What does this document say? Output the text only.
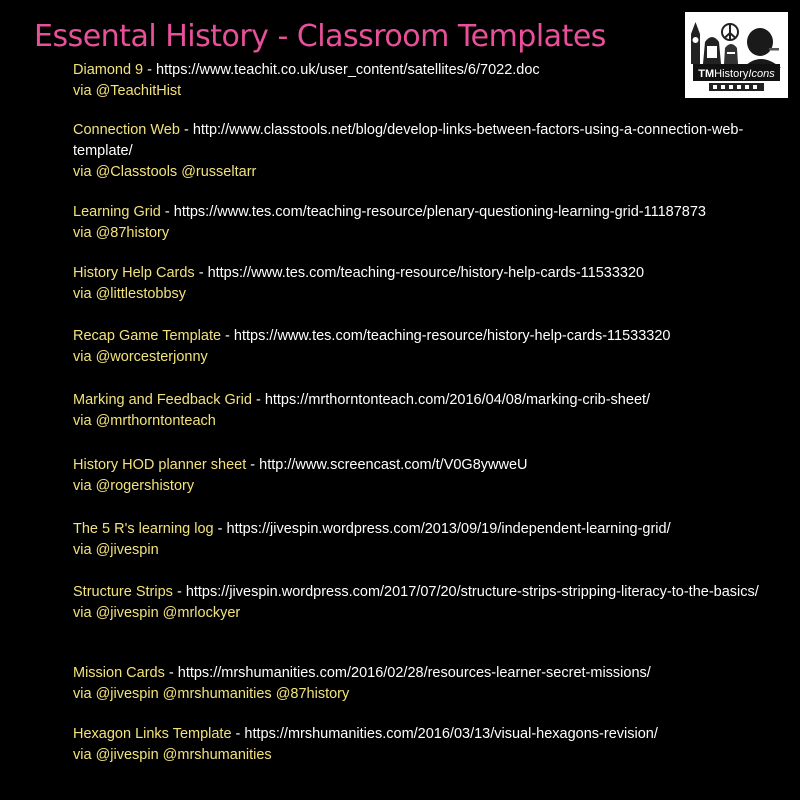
Essental History - Classroom Templates
TMHistoryIcons
Diamond 9 - https://www.teachit.co.uk/user_content/satellites/6/7022.doc
via @TeachitHist
Connection Web - http://www.classtools.net/blog/develop-links-between-factors-using-a-connection-web-template/
via @Classtools @russeltarr
Learning Grid - https://www.tes.com/teaching-resource/plenary-questioning-learning-grid-11187873
via @87history
History Help Cards - https://www.tes.com/teaching-resource/history-help-cards-11533320
via @littlestobbsy
Recap Game Template - https://www.tes.com/teaching-resource/history-help-cards-11533320
via @worcesterjonny
Marking and Feedback Grid - https://mrthorntonteach.com/2016/04/08/marking-crib-sheet/
via @mrthorntonteach
History HOD planner sheet - http://www.screencast.com/t/V0G8ywweU
via @rogershistory
The 5 R's learning log - https://jivespin.wordpress.com/2013/09/19/independent-learning-grid/
via @jivespin
Structure Strips - https://jivespin.wordpress.com/2017/07/20/structure-strips-stripping-literacy-to-the-basics/
via @jivespin @mrlockyer
Mission Cards - https://mrshumanities.com/2016/02/28/resources-learner-secret-missions/
via @jivespin @mrshumanities @87history
Hexagon Links Template - https://mrshumanities.com/2016/03/13/visual-hexagons-revision/
via @jivespin @mrshumanities
